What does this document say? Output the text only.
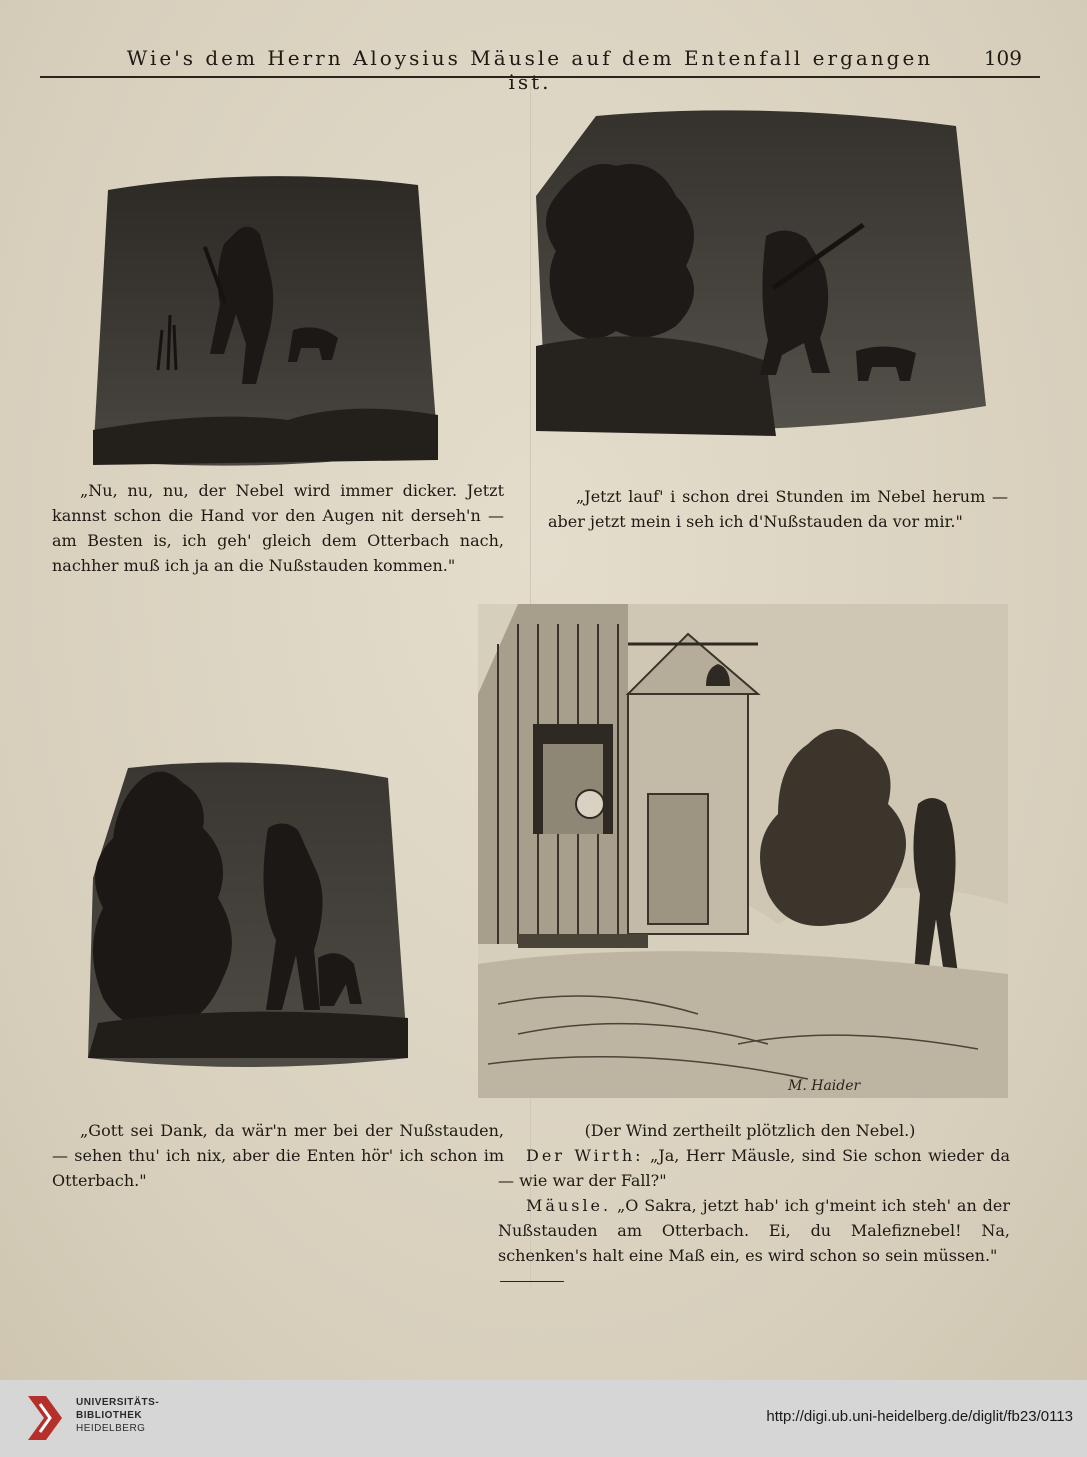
Wie's dem Herrn Aloysius Mäusle auf dem Entenfall ergangen ist.
109
„Nu, nu, nu, der Nebel wird immer dicker. Jetzt kannst schon die Hand vor den Augen nit derseh'n — am Besten is, ich geh' gleich dem Otterbach nach, nachher muß ich ja an die Nußstauden kommen."
„Jetzt lauf' i schon drei Stunden im Nebel herum — aber jetzt mein i seh ich d'Nußstauden da vor mir."
M. Haider
„Gott sei Dank, da wär'n mer bei der Nußstauden, — sehen thu' ich nix, aber die Enten hör' ich schon im Otterbach."
(Der Wind zertheilt plötzlich den Nebel.)
Der Wirth: „Ja, Herr Mäusle, sind Sie schon wieder da — wie war der Fall?"
Mäusle. „O Sakra, jetzt hab' ich g'meint ich steh' an der Nußstauden am Otterbach. Ei, du Malefiznebel! Na, schenken's halt eine Maß ein, es wird schon so sein müssen."
UNIVERSITÄTS-
BIBLIOTHEK
HEIDELBERG
http://digi.ub.uni-heidelberg.de/diglit/fb23/0113
